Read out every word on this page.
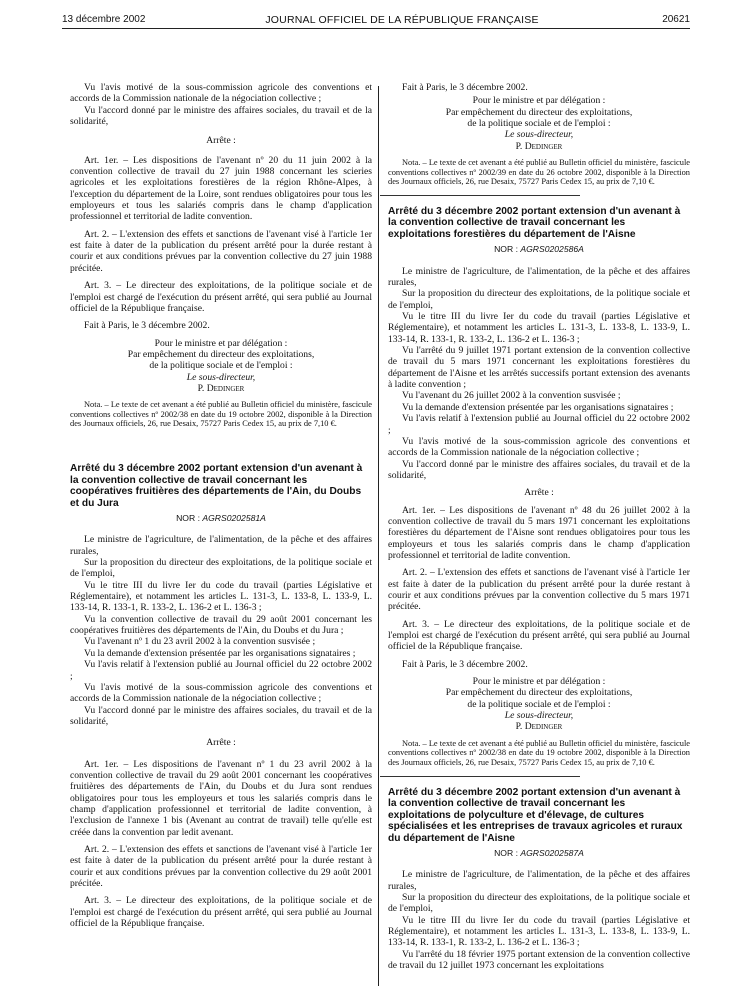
13 décembre 2002	JOURNAL OFFICIEL DE LA RÉPUBLIQUE FRANÇAISE	20621

Vu l'avis motivé de la sous-commission agricole des conventions et accords de la Commission nationale de la négociation collective ;

Vu l'accord donné par le ministre des affaires sociales, du travail et de la solidarité,

Arrête :

Art. 1er. – Les dispositions de l'avenant nº 20 du 11 juin 2002 à la convention collective de travail du 27 juin 1988 concernant les scieries agricoles et les exploitations forestières de la région Rhône-Alpes, à l'exception du département de la Loire, sont rendues obligatoires pour tous les employeurs et tous les salariés compris dans le champ d'application professionnel et territorial de ladite convention.

Art. 2. – L'extension des effets et sanctions de l'avenant visé à l'article 1er est faite à dater de la publication du présent arrêté pour la durée restant à courir et aux conditions prévues par la convention collective du 27 juin 1988 précitée.

Art. 3. – Le directeur des exploitations, de la politique sociale et de l'emploi est chargé de l'exécution du présent arrêté, qui sera publié au Journal officiel de la République française.

Fait à Paris, le 3 décembre 2002.

Pour le ministre et par délégation :

Par empêchement du directeur des exploitations,

de la politique sociale et de l'emploi :

Le sous-directeur,

P. Dedinger

Nota. – Le texte de cet avenant a été publié au Bulletin officiel du ministère, fascicule conventions collectives nº 2002/38 en date du 19 octobre 2002, disponible à la Direction des Journaux officiels, 26, rue Desaix, 75727 Paris Cedex 15, au prix de 7,10 €.

Arrêté du 3 décembre 2002 portant extension d'un avenant à la convention collective de travail concernant les coopératives fruitières des départements de l'Ain, du Doubs et du Jura

NOR : AGRS0202581A

Le ministre de l'agriculture, de l'alimentation, de la pêche et des affaires rurales,

Sur la proposition du directeur des exploitations, de la politique sociale et de l'emploi,

Vu le titre III du livre Ier du code du travail (parties Législative et Réglementaire), et notamment les articles L. 131-3, L. 133-8, L. 133-9, L. 133-14, R. 133-1, R. 133-2, L. 136-2 et L. 136-3 ;

Vu la convention collective de travail du 29 août 2001 concernant les coopératives fruitières des départements de l'Ain, du Doubs et du Jura ;

Vu l'avenant nº 1 du 23 avril 2002 à la convention susvisée ;

Vu la demande d'extension présentée par les organisations signataires ;

Vu l'avis relatif à l'extension publié au Journal officiel du 22 octobre 2002 ;

Vu l'avis motivé de la sous-commission agricole des conventions et accords de la Commission nationale de la négociation collective ;

Vu l'accord donné par le ministre des affaires sociales, du travail et de la solidarité,

Arrête :

Art. 1er. – Les dispositions de l'avenant nº 1 du 23 avril 2002 à la convention collective de travail du 29 août 2001 concernant les coopératives fruitières des départements de l'Ain, du Doubs et du Jura sont rendues obligatoires pour tous les employeurs et tous les salariés compris dans le champ d'application professionnel et territorial de ladite convention, à l'exclusion de l'annexe 1 bis (Avenant au contrat de travail) telle qu'elle est créée dans la convention par ledit avenant.

Art. 2. – L'extension des effets et sanctions de l'avenant visé à l'article 1er est faite à dater de la publication du présent arrêté pour la durée restant à courir et aux conditions prévues par la convention collective du 29 août 2001 précitée.

Art. 3. – Le directeur des exploitations, de la politique sociale et de l'emploi est chargé de l'exécution du présent arrêté, qui sera publié au Journal officiel de la République française.

Fait à Paris, le 3 décembre 2002.

Pour le ministre et par délégation :

Par empêchement du directeur des exploitations,

de la politique sociale et de l'emploi :

Le sous-directeur,

P. Dedinger

Nota. – Le texte de cet avenant a été publié au Bulletin officiel du ministère, fascicule conventions collectives nº 2002/39 en date du 26 octobre 2002, disponible à la Direction des Journaux officiels, 26, rue Desaix, 75727 Paris Cedex 15, au prix de 7,10 €.

Arrêté du 3 décembre 2002 portant extension d'un avenant à la convention collective de travail concernant les exploitations forestières du département de l'Aisne

NOR : AGRS0202586A

Le ministre de l'agriculture, de l'alimentation, de la pêche et des affaires rurales,

Sur la proposition du directeur des exploitations, de la politique sociale et de l'emploi,

Vu le titre III du livre Ier du code du travail (parties Législative et Réglementaire), et notamment les articles L. 131-3, L. 133-8, L. 133-9, L. 133-14, R. 133-1, R. 133-2, L. 136-2 et L. 136-3 ;

Vu l'arrêté du 9 juillet 1971 portant extension de la convention collective de travail du 5 mars 1971 concernant les exploitations forestières du département de l'Aisne et les arrêtés successifs portant extension des avenants à ladite convention ;

Vu l'avenant du 26 juillet 2002 à la convention susvisée ;

Vu la demande d'extension présentée par les organisations signataires ;

Vu l'avis relatif à l'extension publié au Journal officiel du 22 octobre 2002 ;

Vu l'avis motivé de la sous-commission agricole des conventions et accords de la Commission nationale de la négociation collective ;

Vu l'accord donné par le ministre des affaires sociales, du travail et de la solidarité,

Arrête :

Art. 1er. – Les dispositions de l'avenant nº 48 du 26 juillet 2002 à la convention collective de travail du 5 mars 1971 concernant les exploitations forestières du département de l'Aisne sont rendues obligatoires pour tous les employeurs et tous les salariés compris dans le champ d'application professionnel et territorial de ladite convention.

Art. 2. – L'extension des effets et sanctions de l'avenant visé à l'article 1er est faite à dater de la publication du présent arrêté pour la durée restant à courir et aux conditions prévues par la convention collective du 5 mars 1971 précitée.

Art. 3. – Le directeur des exploitations, de la politique sociale et de l'emploi est chargé de l'exécution du présent arrêté, qui sera publié au Journal officiel de la République française.

Fait à Paris, le 3 décembre 2002.

Pour le ministre et par délégation :

Par empêchement du directeur des exploitations,

de la politique sociale et de l'emploi :

Le sous-directeur,

P. Dedinger

Nota. – Le texte de cet avenant a été publié au Bulletin officiel du ministère, fascicule conventions collectives nº 2002/38 en date du 19 octobre 2002, disponible à la Direction des Journaux officiels, 26, rue Desaix, 75727 Paris Cedex 15, au prix de 7,10 €.

Arrêté du 3 décembre 2002 portant extension d'un avenant à la convention collective de travail concernant les exploitations de polyculture et d'élevage, de cultures spécialisées et les entreprises de travaux agricoles et ruraux du département de l'Aisne

NOR : AGRS0202587A

Le ministre de l'agriculture, de l'alimentation, de la pêche et des affaires rurales,

Sur la proposition du directeur des exploitations, de la politique sociale et de l'emploi,

Vu le titre III du livre Ier du code du travail (parties Législative et Réglementaire), et notamment les articles L. 131-3, L. 133-8, L. 133-9, L. 133-14, R. 133-1, R. 133-2, L. 136-2 et L. 136-3 ;

Vu l'arrêté du 18 février 1975 portant extension de la convention collective de travail du 12 juillet 1973 concernant les exploitations
